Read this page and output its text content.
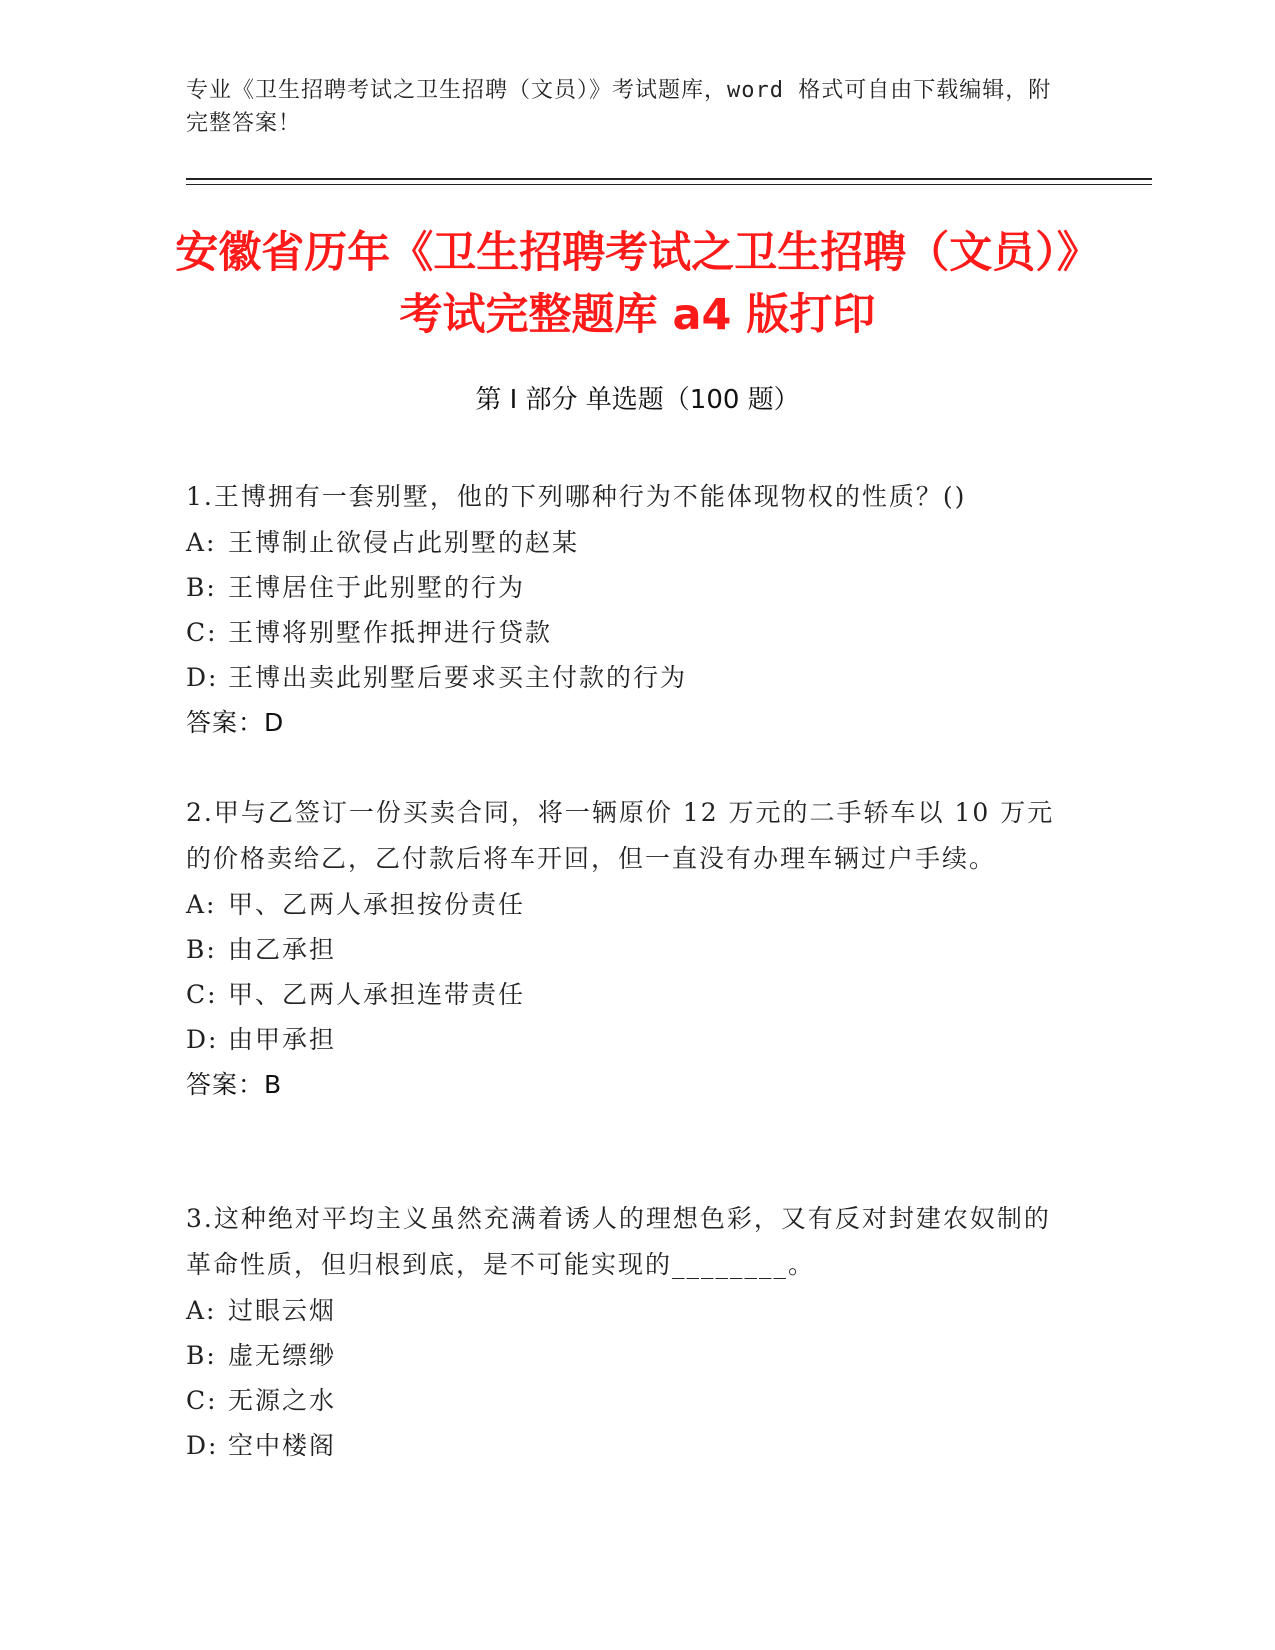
专业《卫生招聘考试之卫生招聘（文员）》考试题库，word 格式可自由下载编辑，附完整答案！
安徽省历年《卫生招聘考试之卫生招聘（文员）》考试完整题库 a4 版打印
第 I 部分 单选题（100 题）

1.王博拥有一套别墅，他的下列哪种行为不能体现物权的性质？()

A: 王博制止欲侵占此别墅的赵某

B: 王博居住于此别墅的行为

C: 王博将别墅作抵押进行贷款

D: 王博出卖此别墅后要求买主付款的行为

答案：D

2.甲与乙签订一份买卖合同，将一辆原价 12 万元的二手轿车以 10 万元的价格卖给乙，乙付款后将车开回，但一直没有办理车辆过户手续。

A: 甲、乙两人承担按份责任

B: 由乙承担

C: 甲、乙两人承担连带责任

D: 由甲承担

答案：B

3.这种绝对平均主义虽然充满着诱人的理想色彩，又有反对封建农奴制的革命性质，但归根到底，是不可能实现的________。

A: 过眼云烟

B: 虚无缥缈

C: 无源之水

D: 空中楼阁
